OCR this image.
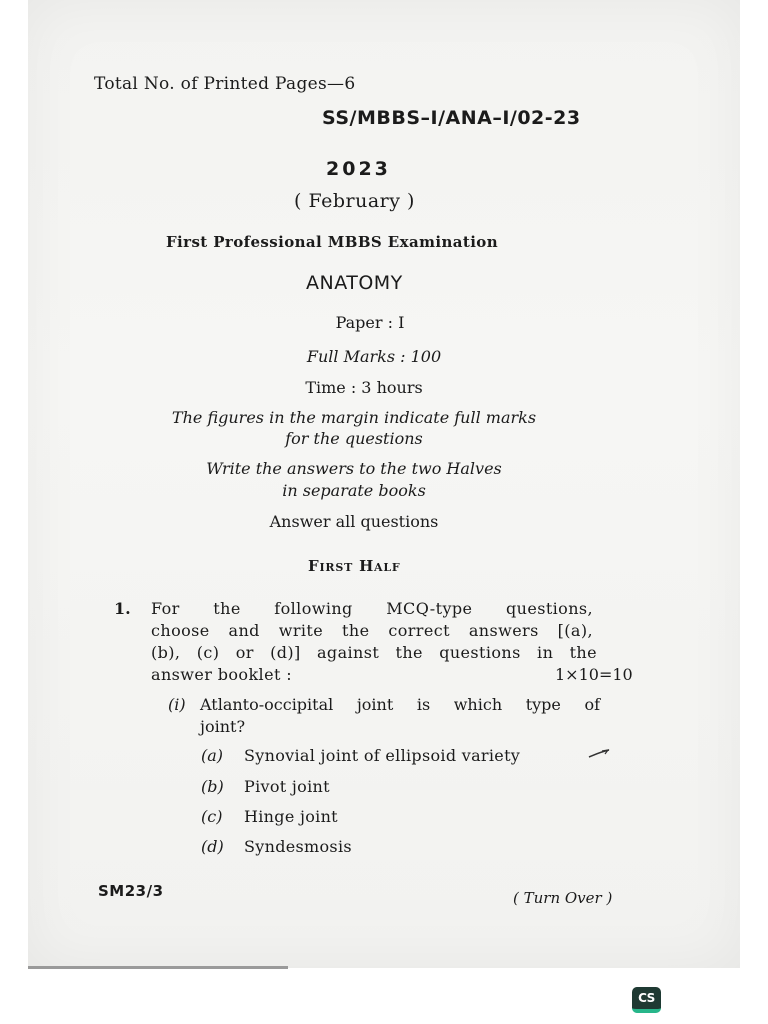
Total No. of Printed Pages—6
SS/MBBS–I/ANA–I/02-23
2023
( February )
First Professional MBBS Examination
ANATOMY
Paper : I
Full Marks : 100
Time : 3 hours
The figures in the margin indicate full marks
for the questions
Write the answers to the two Halves
in separate books
Answer all questions
First Half
1. For the following MCQ-type questions,
choose and write the correct answers [(a),
(b), (c) or (d)] against the questions in the
answer booklet :	1×10=10
(i) Atlanto-occipital joint is which type of
joint?
(a) Synovial joint of ellipsoid variety
(b) Pivot joint
(c) Hinge joint
(d) Syndesmosis
SM23/3	( Turn Over )
CS
